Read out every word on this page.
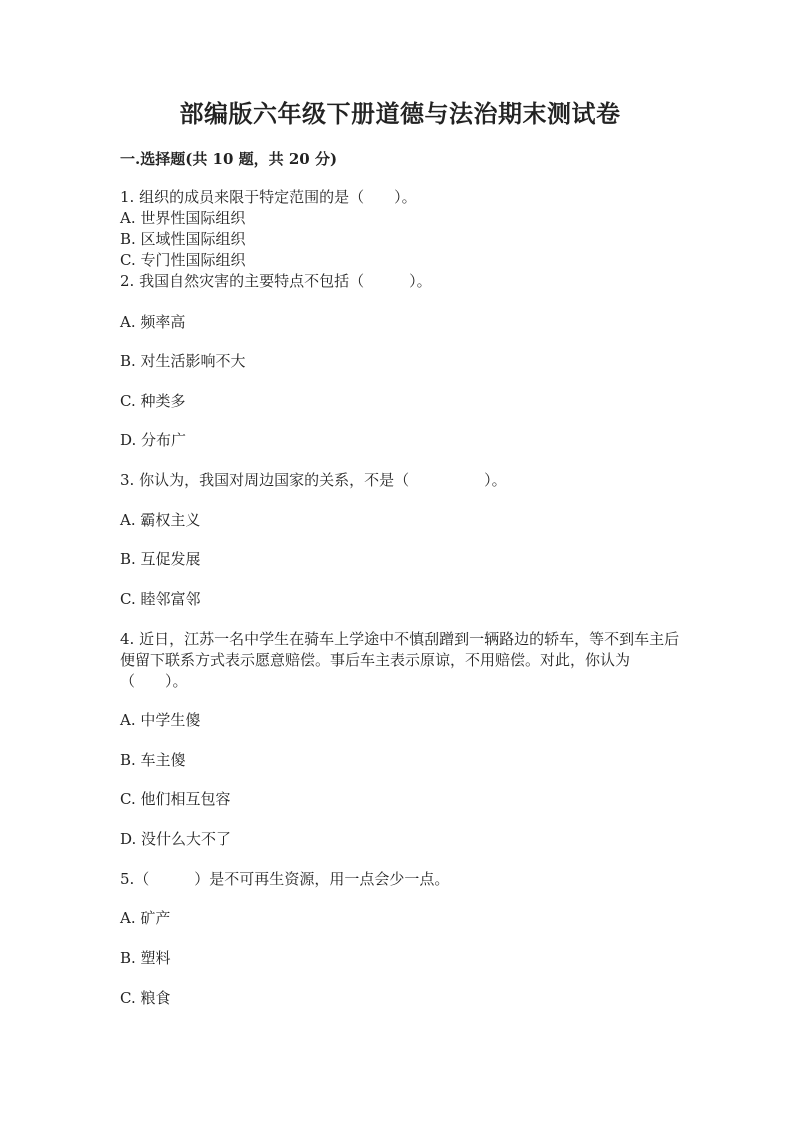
部编版六年级下册道德与法治期末测试卷
一.选择题(共 10 题，共 20 分)
1. 组织的成员来限于特定范围的是（　　）。
A. 世界性国际组织
B. 区域性国际组织
C. 专门性国际组织
2. 我国自然灾害的主要特点不包括（　　　）。
A. 频率高
B. 对生活影响不大
C. 种类多
D. 分布广
3. 你认为，我国对周边国家的关系，不是（　　　　　）。
A. 霸权主义
B. 互促发展
C. 睦邻富邻
4. 近日，江苏一名中学生在骑车上学途中不慎刮蹭到一辆路边的轿车，等不到车主后便留下联系方式表示愿意赔偿。事后车主表示原谅，不用赔偿。对此，你认为（　　）。
A. 中学生傻
B. 车主傻
C. 他们相互包容
D. 没什么大不了
5.（　　　）是不可再生资源，用一点会少一点。
A. 矿产
B. 塑料
C. 粮食
